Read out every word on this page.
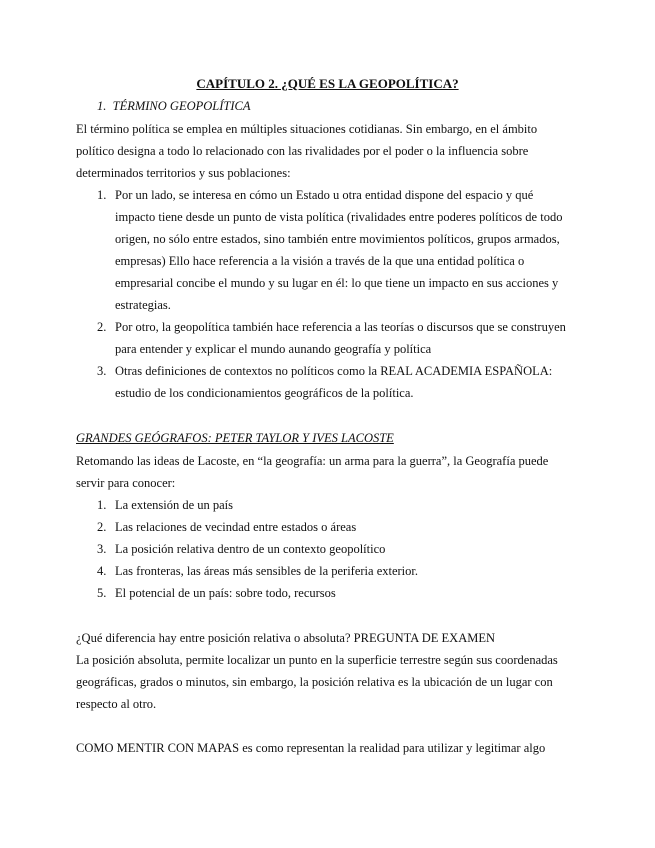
CAPÍTULO 2. ¿QUÉ ES LA GEOPOLÍTICA?
1. TÉRMINO GEOPOLÍTICA
El término política se emplea en múltiples situaciones cotidianas. Sin embargo, en el ámbito político designa a todo lo relacionado con las rivalidades por el poder o la influencia sobre determinados territorios y sus poblaciones:
1. Por un lado, se interesa en cómo un Estado u otra entidad dispone del espacio y qué impacto tiene desde un punto de vista política (rivalidades entre poderes políticos de todo origen, no sólo entre estados, sino también entre movimientos políticos, grupos armados, empresas) Ello hace referencia a la visión a través de la que una entidad política o empresarial concibe el mundo y su lugar en él: lo que tiene un impacto en sus acciones y estrategias.
2. Por otro, la geopolítica también hace referencia a las teorías o discursos que se construyen para entender y explicar el mundo aunando geografía y política
3. Otras definiciones de contextos no políticos como la REAL ACADEMIA ESPAÑOLA: estudio de los condicionamientos geográficos de la política.
GRANDES GEÓGRAFOS: PETER TAYLOR Y IVES LACOSTE
Retomando las ideas de Lacoste, en “la geografía: un arma para la guerra”, la Geografía puede servir para conocer:
1. La extensión de un país
2. Las relaciones de vecindad entre estados o áreas
3. La posición relativa dentro de un contexto geopolítico
4. Las fronteras, las áreas más sensibles de la periferia exterior.
5. El potencial de un país: sobre todo, recursos
¿Qué diferencia hay entre posición relativa o absoluta? PREGUNTA DE EXAMEN
La posición absoluta, permite localizar un punto en la superficie terrestre según sus coordenadas geográficas, grados o minutos, sin embargo, la posición relativa es la ubicación de un lugar con respecto al otro.
COMO MENTIR CON MAPAS es como representan la realidad para utilizar y legitimar algo
